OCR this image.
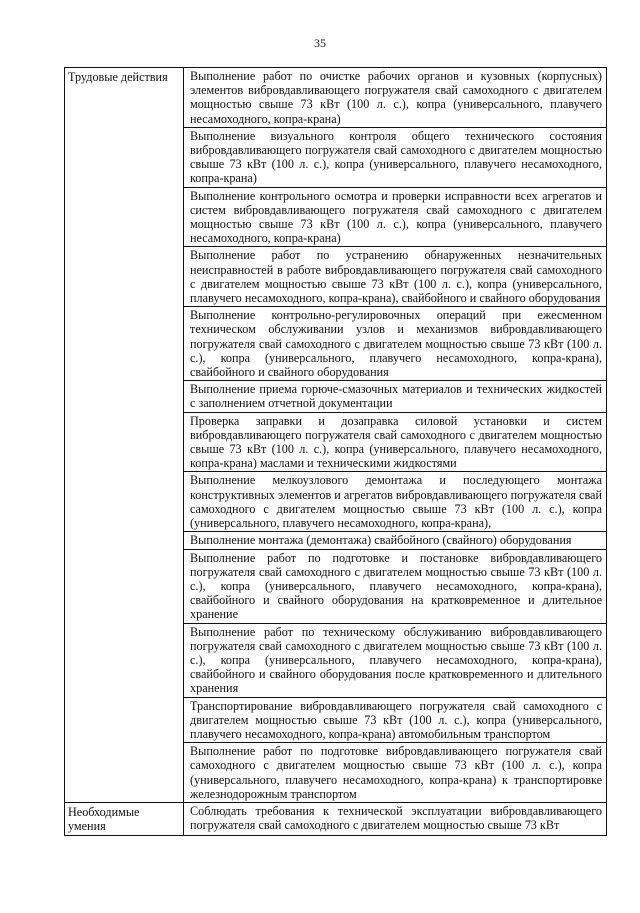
35
Трудовые действия	Выполнение работ по очистке рабочих органов и кузовных (корпусных) элементов вибровдавливающего погружателя свай самоходного с двигателем мощностью свыше 73 кВт (100 л. с.), копра (универсального, плавучего несамоходного, копра-крана)
	Выполнение визуального контроля общего технического состояния вибровдавливающего погружателя свай самоходного с двигателем мощностью свыше 73 кВт (100 л. с.), копра (универсального, плавучего несамоходного, копра-крана)
	Выполнение контрольного осмотра и проверки исправности всех агрегатов и систем вибровдавливающего погружателя свай самоходного с двигателем мощностью свыше 73 кВт (100 л. с.), копра (универсального, плавучего несамоходного, копра-крана)
	Выполнение работ по устранению обнаруженных незначительных неисправностей в работе вибровдавливающего погружателя свай самоходного с двигателем мощностью свыше 73 кВт (100 л. с.), копра (универсального, плавучего несамоходного, копра-крана), свайбойного и свайного оборудования
	Выполнение контрольно-регулировочных операций при ежесменном техническом обслуживании узлов и механизмов вибровдавливающего погружателя свай самоходного с двигателем мощностью свыше 73 кВт (100 л. с.), копра (универсального, плавучего несамоходного, копра-крана), свайбойного и свайного оборудования
	Выполнение приема горюче-смазочных материалов и технических жидкостей с заполнением отчетной документации
	Проверка заправки и дозаправка силовой установки и систем вибровдавливающего погружателя свай самоходного с двигателем мощностью свыше 73 кВт (100 л. с.), копра (универсального, плавучего несамоходного, копра-крана) маслами и техническими жидкостями
	Выполнение мелкоузлового демонтажа и последующего монтажа конструктивных элементов и агрегатов вибровдавливающего погружателя свай самоходного с двигателем мощностью свыше 73 кВт (100 л. с.), копра (универсального, плавучего несамоходного, копра-крана),
	Выполнение монтажа (демонтажа) свайбойного (свайного) оборудования
	Выполнение работ по подготовке и постановке вибровдавливающего погружателя свай самоходного с двигателем мощностью свыше 73 кВт (100 л. с.), копра (универсального, плавучего несамоходного, копра-крана), свайбойного и свайного оборудования на кратковременное и длительное хранение
	Выполнение работ по техническому обслуживанию вибровдавливающего погружателя свай самоходного с двигателем мощностью свыше 73 кВт (100 л. с.), копра (универсального, плавучего несамоходного, копра-крана), свайбойного и свайного оборудования после кратковременного и длительного хранения
	Транспортирование вибровдавливающего погружателя свай самоходного с двигателем мощностью свыше 73 кВт (100 л. с.), копра (универсального, плавучего несамоходного, копра-крана) автомобильным транспортом
	Выполнение работ по подготовке вибровдавливающего погружателя свай самоходного с двигателем мощностью свыше 73 кВт (100 л. с.), копра (универсального, плавучего несамоходного, копра-крана) к транспортировке железнодорожным транспортом
Необходимые умения	Соблюдать требования к технической эксплуатации вибровдавливающего погружателя свай самоходного с двигателем мощностью свыше 73 кВт
